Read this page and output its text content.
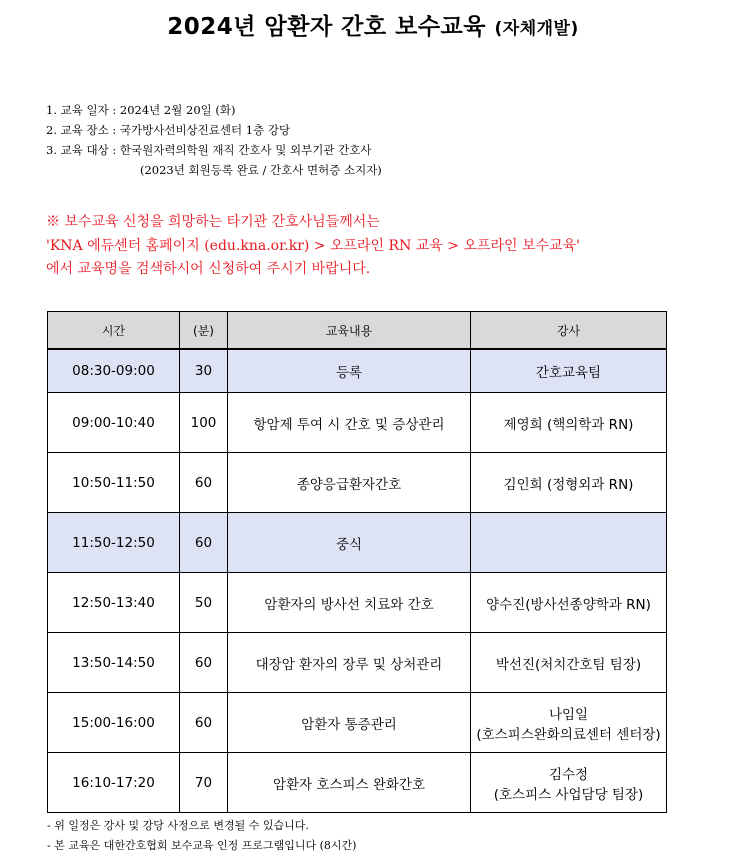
2024년 암환자 간호 보수교육 (자체개발)
1. 교육 일자 : 2024년 2월 20일 (화)
2. 교육 장소 : 국가방사선비상진료센터 1층 강당
3. 교육 대상 : 한국원자력의학원 재직 간호사 및 외부기관 간호사
(2023년 회원등록 완료 / 간호사 면허증 소지자)
※ 보수교육 신청을 희망하는 타기관 간호사님들께서는
'KNA 에듀센터 홈페이지 (edu.kna.or.kr) > 오프라인 RN 교육 > 오프라인 보수교육'
에서 교육명을 검색하시어 신청하여 주시기 바랍니다.
시간	(분)	교육내용	강사
08:30-09:00	30	등록	간호교육팀
09:00-10:40	100	항암제 투여 시 간호 및 증상관리	제영희 (핵의학과 RN)
10:50-11:50	60	종양응급환자간호	김인희 (정형외과 RN)
11:50-12:50	60	중식	
12:50-13:40	50	암환자의 방사선 치료와 간호	양수진(방사선종양학과 RN)
13:50-14:50	60	대장암 환자의 장루 및 상처관리	박선진(처치간호팀 팀장)
15:00-16:00	60	암환자 통증관리	나임일
(호스피스완화의료센터 센터장)

16:10-17:20	70	암환자 호스피스 완화간호	김수정
(호스피스 사업담당 팀장)
- 위 일정은 강사 및 강당 사정으로 변경될 수 있습니다.
- 본 교육은 대한간호협회 보수교육 인정 프로그램입니다 (8시간)
